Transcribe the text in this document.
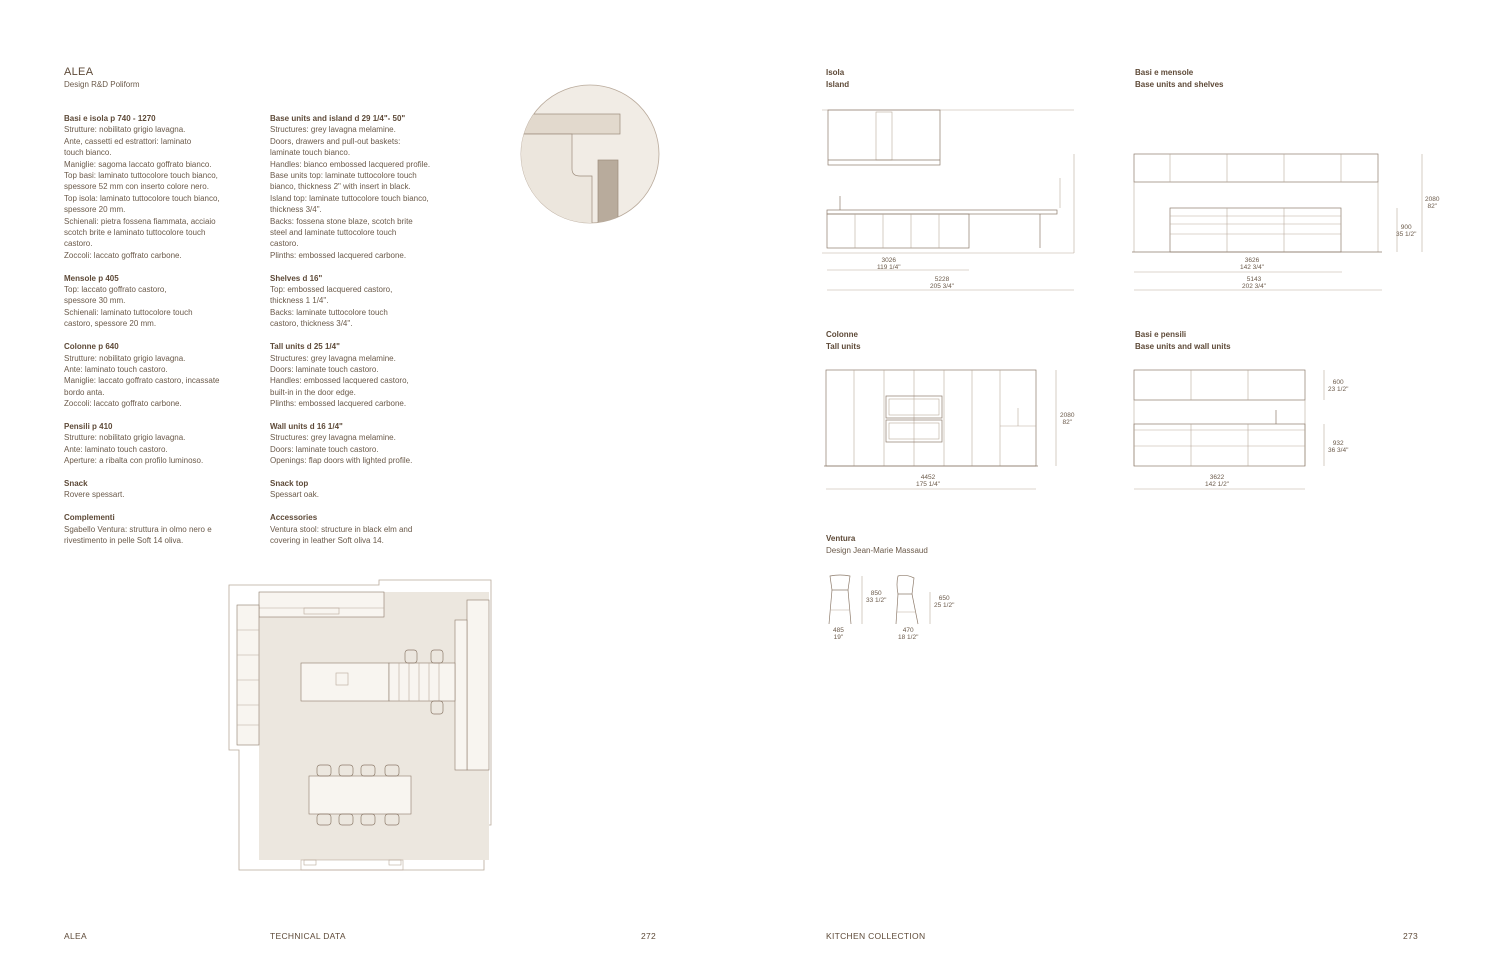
ALEA
Design R&D Poliform
Basi e isola p 740 - 1270
Strutture: nobilitato grigio lavagna.
Ante, cassetti ed estrattori: laminato
touch bianco.
Maniglie: sagoma laccato goffrato bianco.
Top basi: laminato tuttocolore touch bianco,
spessore 52 mm con inserto colore nero.
Top isola: laminato tuttocolore touch bianco,
spessore 20 mm.
Schienali: pietra fossena fiammata, acciaio
scotch brite e laminato tuttocolore touch
castoro.
Zoccoli: laccato goffrato carbone.
Mensole p 405
Top: laccato goffrato castoro,
spessore 30 mm.
Schienali: laminato tuttocolore touch
castoro, spessore 20 mm.
Colonne p 640
Strutture: nobilitato grigio lavagna.
Ante: laminato touch castoro.
Maniglie: laccato goffrato castoro, incassate
bordo anta.
Zoccoli: laccato goffrato carbone.
Pensili p 410
Strutture: nobilitato grigio lavagna.
Ante: laminato touch castoro.
Aperture: a ribalta con profilo luminoso.
Snack
Rovere spessart.
Complementi
Sgabello Ventura: struttura in olmo nero e
rivestimento in pelle Soft 14 oliva.
Base units and island d 29 1/4"- 50"
Structures: grey lavagna melamine.
Doors, drawers and pull-out baskets:
laminate touch bianco.
Handles: bianco embossed lacquered profile.
Base units top: laminate tuttocolore touch
bianco, thickness 2" with insert in black.
Island top: laminate tuttocolore touch bianco,
thickness 3/4".
Backs: fossena stone blaze, scotch brite
steel and laminate tuttocolore touch
castoro.
Plinths: embossed lacquered carbone.
Shelves d 16"
Top: embossed lacquered castoro,
thickness 1 1/4".
Backs: laminate tuttocolore touch
castoro, thickness 3/4".
Tall units d 25 1/4"
Structures: grey lavagna melamine.
Doors: laminate touch castoro.
Handles: embossed lacquered castoro,
built-in in the door edge.
Plinths: embossed lacquered carbone.
Wall units d 16 1/4"
Structures: grey lavagna melamine.
Doors: laminate touch castoro.
Openings: flap doors with lighted profile.
Snack top
Spessart oak.
Accessories
Ventura stool: structure in black elm and
covering in leather Soft oliva 14.
Isola
Island
3026
119 1/4"
5228
205 3/4"
Basi e mensole
Base units and shelves
3626
142 3/4"
5143
202 3/4"
2080
82"
900
35 1/2"
Colonne
Tall units
4452
175 1/4"
2080
82"
Basi e pensili
Base units and wall units
3622
142 1/2"
600
23 1/2"
932
36 3/4"
Ventura
Design Jean-Marie Massaud
850
33 1/2"	650
25 1/2"
485
19"
470
18 1/2"
ALEA	TECHNICAL DATA	272	KITCHEN COLLECTION	273
